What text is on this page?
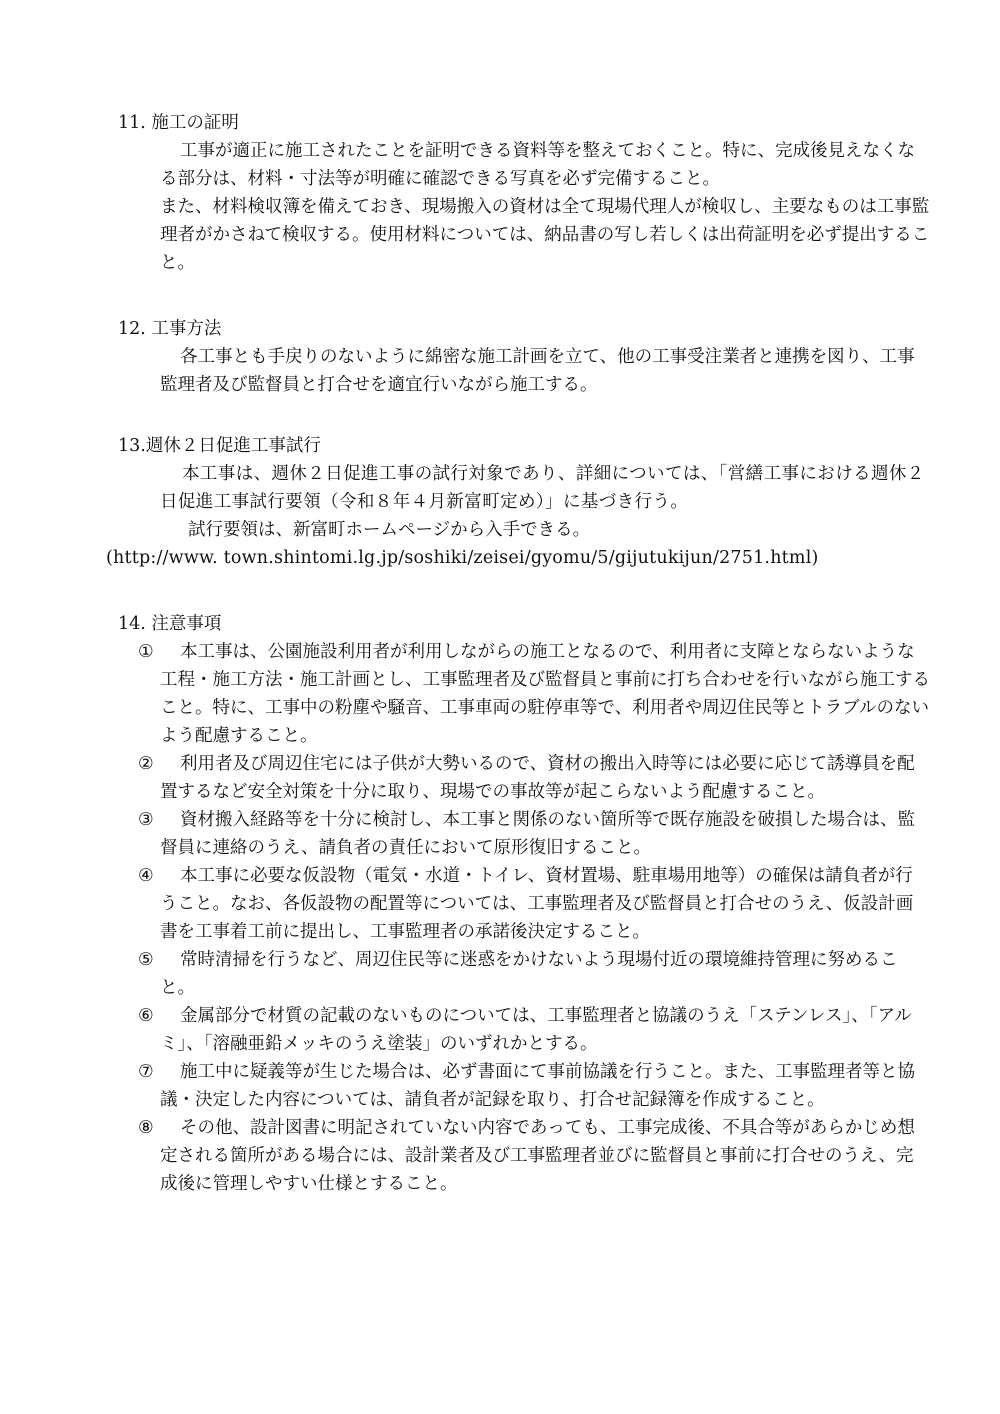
11. 施工の証明

工事が適正に施工されたことを証明できる資料等を整えておくこと。特に、完成後見えなくなる部分は、材料・寸法等が明確に確認できる写真を必ず完備すること。

また、材料検収簿を備えておき、現場搬入の資材は全て現場代理人が検収し、主要なものは工事監理者がかさねて検収する。使用材料については、納品書の写し若しくは出荷証明を必ず提出すること。

12. 工事方法

各工事とも手戻りのないように綿密な施工計画を立て、他の工事受注業者と連携を図り、工事監理者及び監督員と打合せを適宜行いながら施工する。

13.週休２日促進工事試行

本工事は、週休２日促進工事の試行対象であり、詳細については、「営繕工事における週休２日促進工事試行要領（令和８年４月新富町定め）」に基づき行う。

試行要領は、新富町ホームページから入手できる。

(http://www. town.shintomi.lg.jp/soshiki/zeisei/gyomu/5/gijutukijun/2751.html)

14. 注意事項

①	本工事は、公園施設利用者が利用しながらの施工となるので、利用者に支障とならないような工程・施工方法・施工計画とし、工事監理者及び監督員と事前に打ち合わせを行いながら施工すること。特に、工事中の粉塵や騒音、工事車両の駐停車等で、利用者や周辺住民等とトラブルのないよう配慮すること。
②	利用者及び周辺住宅には子供が大勢いるので、資材の搬出入時等には必要に応じて誘導員を配置するなど安全対策を十分に取り、現場での事故等が起こらないよう配慮すること。
③	資材搬入経路等を十分に検討し、本工事と関係のない箇所等で既存施設を破損した場合は、監督員に連絡のうえ、請負者の責任において原形復旧すること。
④	本工事に必要な仮設物（電気・水道・トイレ、資材置場、駐車場用地等）の確保は請負者が行うこと。なお、各仮設物の配置等については、工事監理者及び監督員と打合せのうえ、仮設計画書を工事着工前に提出し、工事監理者の承諾後決定すること。
⑤	常時清掃を行うなど、周辺住民等に迷惑をかけないよう現場付近の環境維持管理に努めること。
⑥	金属部分で材質の記載のないものについては、工事監理者と協議のうえ「ステンレス」、「アルミ」、「溶融亜鉛メッキのうえ塗装」のいずれかとする。
⑦	施工中に疑義等が生じた場合は、必ず書面にて事前協議を行うこと。また、工事監理者等と協議・決定した内容については、請負者が記録を取り、打合せ記録簿を作成すること。
⑧	その他、設計図書に明記されていない内容であっても、工事完成後、不具合等があらかじめ想定される箇所がある場合には、設計業者及び工事監理者並びに監督員と事前に打合せのうえ、完成後に管理しやすい仕様とすること。
